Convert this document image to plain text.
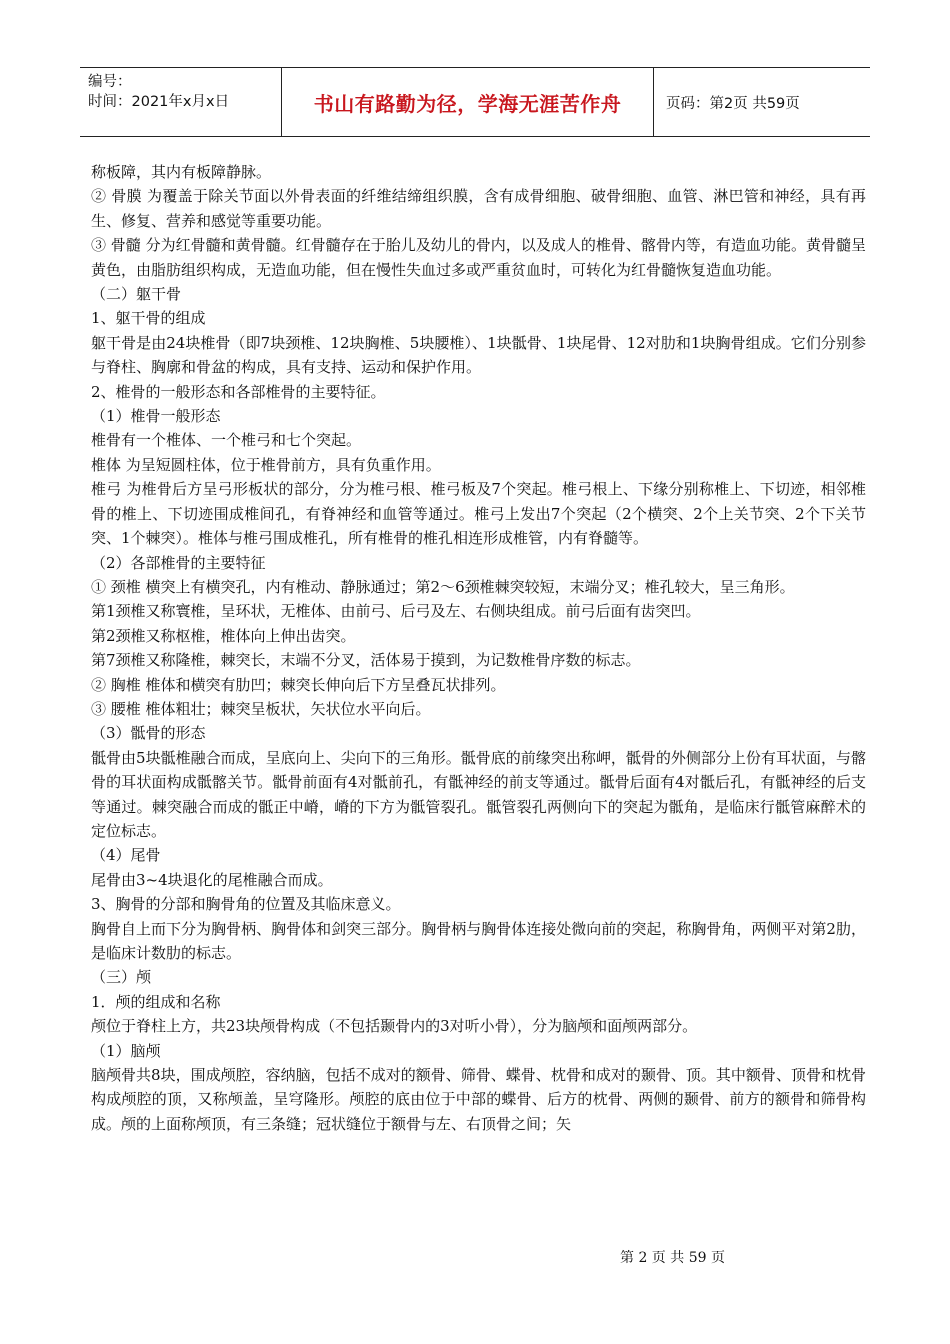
编号：
时间：2021年x月x日	书山有路勤为径，学海无涯苦作舟	页码：第2页 共59页

称板障，其内有板障静脉。

② 骨膜 为覆盖于除关节面以外骨表面的纤维结缔组织膜，含有成骨细胞、破骨细胞、血管、淋巴管和神经，具有再生、修复、营养和感觉等重要功能。

③ 骨髓 分为红骨髓和黄骨髓。红骨髓存在于胎儿及幼儿的骨内，以及成人的椎骨、髂骨内等，有造血功能。黄骨髓呈黄色，由脂肪组织构成，无造血功能，但在慢性失血过多或严重贫血时，可转化为红骨髓恢复造血功能。

（二）躯干骨

1、躯干骨的组成

躯干骨是由24块椎骨（即7块颈椎、12块胸椎、5块腰椎）、1块骶骨、1块尾骨、12对肋和1块胸骨组成。它们分别参与脊柱、胸廓和骨盆的构成，具有支持、运动和保护作用。

2、椎骨的一般形态和各部椎骨的主要特征。

（1）椎骨一般形态

椎骨有一个椎体、一个椎弓和七个突起。

椎体 为呈短圆柱体，位于椎骨前方，具有负重作用。

椎弓 为椎骨后方呈弓形板状的部分，分为椎弓根、椎弓板及7个突起。椎弓根上、下缘分别称椎上、下切迹，相邻椎骨的椎上、下切迹围成椎间孔，有脊神经和血管等通过。椎弓上发出7个突起（2个横突、2个上关节突、2个下关节突、1个棘突）。椎体与椎弓围成椎孔，所有椎骨的椎孔相连形成椎管，内有脊髓等。

（2）各部椎骨的主要特征

① 颈椎 横突上有横突孔，内有椎动、静脉通过；第2～6颈椎棘突较短，末端分叉；椎孔较大，呈三角形。

第1颈椎又称寰椎，呈环状，无椎体、由前弓、后弓及左、右侧块组成。前弓后面有齿突凹。

第2颈椎又称枢椎，椎体向上伸出齿突。

第7颈椎又称隆椎，棘突长，末端不分叉，活体易于摸到，为记数椎骨序数的标志。

② 胸椎 椎体和横突有肋凹；棘突长伸向后下方呈叠瓦状排列。

③ 腰椎 椎体粗壮；棘突呈板状，矢状位水平向后。

（3）骶骨的形态

骶骨由5块骶椎融合而成，呈底向上、尖向下的三角形。骶骨底的前缘突出称岬，骶骨的外侧部分上份有耳状面，与髂骨的耳状面构成骶髂关节。骶骨前面有4对骶前孔，有骶神经的前支等通过。骶骨后面有4对骶后孔，有骶神经的后支等通过。棘突融合而成的骶正中嵴，嵴的下方为骶管裂孔。骶管裂孔两侧向下的突起为骶角，是临床行骶管麻醉术的定位标志。

（4）尾骨

尾骨由3~4块退化的尾椎融合而成。

3、胸骨的分部和胸骨角的位置及其临床意义。

胸骨自上而下分为胸骨柄、胸骨体和剑突三部分。胸骨柄与胸骨体连接处微向前的突起，称胸骨角，两侧平对第2肋，是临床计数肋的标志。

（三）颅

1．颅的组成和名称

颅位于脊柱上方，共23块颅骨构成（不包括颞骨内的3对听小骨），分为脑颅和面颅两部分。

（1）脑颅

脑颅骨共8块，围成颅腔，容纳脑，包括不成对的额骨、筛骨、蝶骨、枕骨和成对的颞骨、顶。其中额骨、顶骨和枕骨构成颅腔的顶，又称颅盖，呈穹隆形。颅腔的底由位于中部的蝶骨、后方的枕骨、两侧的颞骨、前方的额骨和筛骨构成。颅的上面称颅顶，有三条缝；冠状缝位于额骨与左、右顶骨之间；矢

第 2 页 共 59 页
